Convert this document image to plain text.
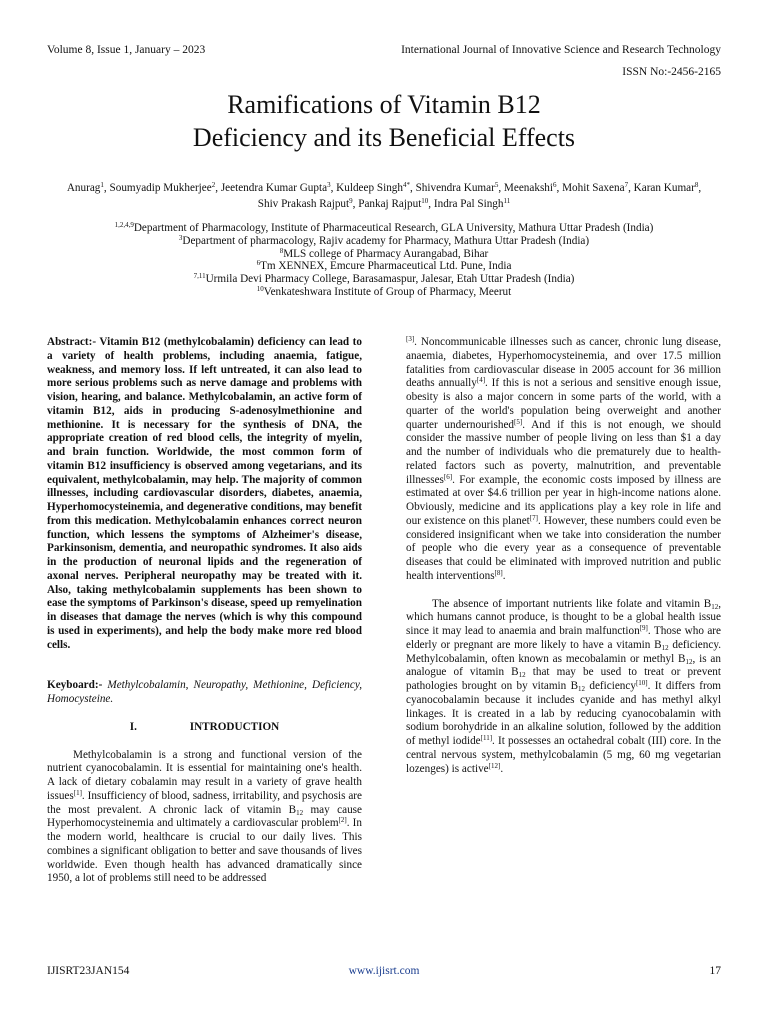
Volume 8, Issue 1, January – 2023	International Journal of Innovative Science and Research Technology
ISSN No:-2456-2165
Ramifications of Vitamin B12
Deficiency and its Beneficial Effects
Anurag$^1$, Soumyadip Mukherjee$^2$, Jeetendra Kumar Gupta$^3$, Kuldeep Singh$^{4*}$, Shivendra Kumar$^5$, Meenakshi$^6$, Mohit Saxena$^7$, Karan Kumar$^8$, Shiv Prakash Rajput$^9$, Pankaj Rajput$^{10}$, Indra Pal Singh$^{11}$
$^{1,2,4,9}$Department of Pharmacology, Institute of Pharmaceutical Research, GLA University, Mathura Uttar Pradesh (India)
$^3$Department of pharmacology, Rajiv academy for Pharmacy, Mathura Uttar Pradesh (India)
$^8$MLS college of Pharmacy Aurangabad, Bihar
$^6$Tm XENNEX, Emcure Pharmaceutical Ltd. Pune, India
$^{7,11}$Urmila Devi Pharmacy College, Barasamaspur, Jalesar, Etah Uttar Pradesh (India)
$^{10}$Venkateshwara Institute of Group of Pharmacy, Meerut

Abstract:- Vitamin B12 (methylcobalamin) deficiency can lead to a variety of health problems, including anaemia, fatigue, weakness, and memory loss. If left untreated, it can also lead to more serious problems such as nerve damage and problems with vision, hearing, and balance. Methylcobalamin, an active form of vitamin B12, aids in producing S-adenosylmethionine and methionine. It is necessary for the synthesis of DNA, the appropriate creation of red blood cells, the integrity of myelin, and brain function. Worldwide, the most common form of vitamin B12 insufficiency is observed among vegetarians, and its equivalent, methylcobalamin, may help. The majority of common illnesses, including cardiovascular disorders, diabetes, anaemia, Hyperhomocysteinemia, and degenerative conditions, may benefit from this medication. Methylcobalamin enhances correct neuron function, which lessens the symptoms of Alzheimer's disease, Parkinsonism, dementia, and neuropathic syndromes. It also aids in the production of neuronal lipids and the regeneration of axonal nerves. Peripheral neuropathy may be treated with it. Also, taking methylcobalamin supplements has been shown to ease the symptoms of Parkinson's disease, speed up remyelination in diseases that damage the nerves (which is why this compound is used in experiments), and help the body make more red blood cells.

Keyboard:- Methylcobalamin, Neuropathy, Methionine, Deficiency, Homocysteine.

I.	INTRODUCTION

Methylcobalamin is a strong and functional version of the nutrient cyanocobalamin. It is essential for maintaining one's health. A lack of dietary cobalamin may result in a variety of grave health issues[1]. Insufficiency of blood, sadness, irritability, and psychosis are the most prevalent. A chronic lack of vitamin $B_{12}$ may cause Hyperhomocysteinemia and ultimately a cardiovascular problem[2]. In the modern world, healthcare is crucial to our daily lives. This combines a significant obligation to better and save thousands of lives worldwide. Even though health has advanced dramatically since 1950, a lot of problems still need to be addressed

[3]. Noncommunicable illnesses such as cancer, chronic lung disease, anaemia, diabetes, Hyperhomocysteinemia, and over 17.5 million fatalities from cardiovascular disease in 2005 account for 36 million deaths annually[4]. If this is not a serious and sensitive enough issue, obesity is also a major concern in some parts of the world, with a quarter of the world's population being overweight and another quarter undernourished[5]. And if this is not enough, we should consider the massive number of people living on less than $1 a day and the number of individuals who die prematurely due to health-related factors such as poverty, malnutrition, and preventable illnesses[6]. For example, the economic costs imposed by illness are estimated at over $4.6 trillion per year in high-income nations alone. Obviously, medicine and its applications play a key role in life and our existence on this planet[7]. However, these numbers could even be considered insignificant when we take into consideration the number of people who die every year as a consequence of preventable diseases that could be eliminated with improved nutrition and public health interventions[8].

The absence of important nutrients like folate and vitamin $B_{12}$, which humans cannot produce, is thought to be a global health issue since it may lead to anaemia and brain malfunction[9]. Those who are elderly or pregnant are more likely to have a vitamin $B_{12}$ deficiency. Methylcobalamin, often known as mecobalamin or methyl $B_{12}$, is an analogue of vitamin $B_{12}$ that may be used to treat or prevent pathologies brought on by vitamin $B_{12}$ deficiency[10]. It differs from cyanocobalamin because it includes cyanide and has methyl alkyl linkages. It is created in a lab by reducing cyanocobalamin with sodium borohydride in an alkaline solution, followed by the addition of methyl iodide[11]. It possesses an octahedral cobalt (III) core. In the central nervous system, methylcobalamin (5 mg, 60 mg vegetarian lozenges) is active[12].

IJISRT23JAN154	www.ijisrt.com	17
